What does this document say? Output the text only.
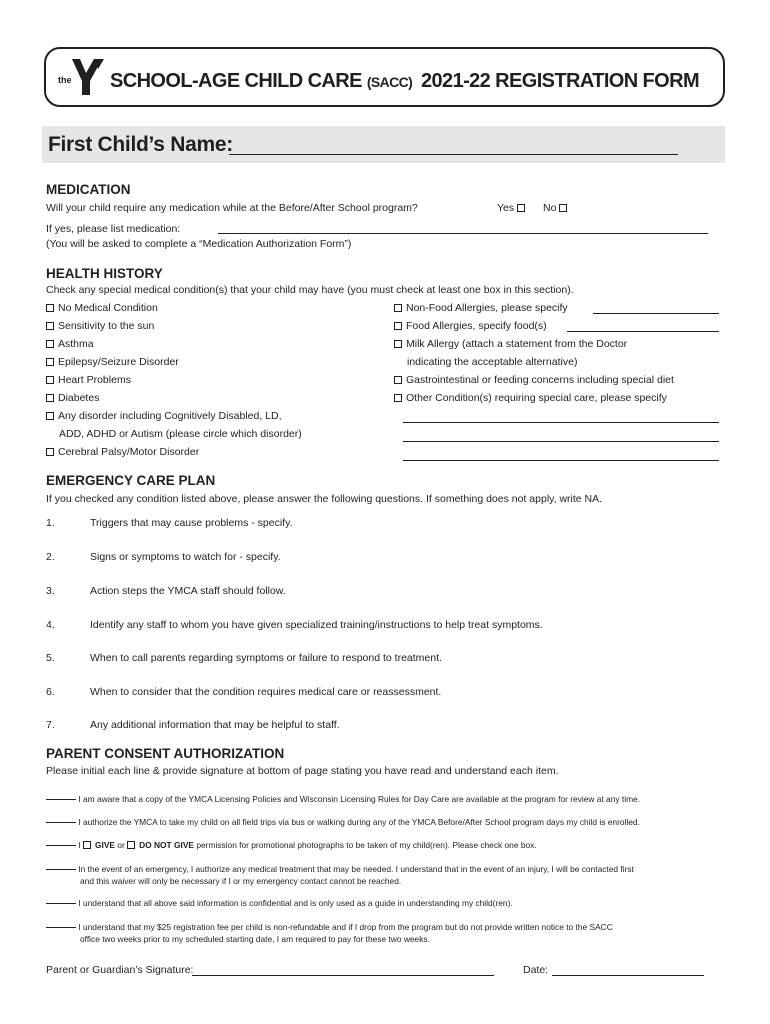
the SCHOOL-AGE CHILD CARE (SACC) 2021-22 REGISTRATION FORM
First Child’s Name:
MEDICATION
Will your child require any medication while at the Before/After School program?	Yes	No
If yes, please list medication:
(You will be asked to complete a “Medication Authorization Form”)
HEALTH HISTORY
Check any special medical condition(s) that your child may have (you must check at least one box in this section).
No Medical Condition
Sensitivity to the sun
Asthma
Epilepsy/Seizure Disorder
Heart Problems
Diabetes
Any disorder including Cognitively Disabled, LD,
ADD, ADHD or Autism (please circle which disorder)
Cerebral Palsy/Motor Disorder
Non-Food Allergies, please specify
Food Allergies, specify food(s)
Milk Allergy (attach a statement from the Doctor
indicating the acceptable alternative)
Gastrointestinal or feeding concerns including special diet
Other Condition(s) requiring special care, please specify
EMERGENCY CARE PLAN
If you checked any condition listed above, please answer the following questions. If something does not apply, write NA.
1.	Triggers that may cause problems - specify.
2.	Signs or symptoms to watch for - specify.
3.	Action steps the YMCA staff should follow.
4.	Identify any staff to whom you have given specialized training/instructions to help treat symptoms.
5.	When to call parents regarding symptoms or failure to respond to treatment.
6.	When to consider that the condition requires medical care or reassessment.
7.	Any additional information that may be helpful to staff.
PARENT CONSENT AUTHORIZATION
Please initial each line & provide signature at bottom of page stating you have read and understand each item.
I am aware that a copy of the YMCA Licensing Policies and Wisconsin Licensing Rules for Day Care are available at the program for review at any time.
I authorize the YMCA to take my child on all field trips via bus or walking during any of the YMCA Before/After School program days my child is enrolled.
I GIVE or DO NOT GIVE permission for promotional photographs to be taken of my child(ren). Please check one box.
In the event of an emergency, I authorize any medical treatment that may be needed. I understand that in the event of an injury, I will be contacted first
and this waiver will only be necessary if I or my emergency contact cannot be reached.
I understand that all above said information is confidential and is only used as a guide in understanding my child(ren).
I understand that my $25 registration fee per child is non-refundable and if I drop from the program but do not provide written notice to the SACC
office two weeks prior to my scheduled starting date, I am required to pay for these two weeks.
Parent or Guardian’s Signature:	Date:
